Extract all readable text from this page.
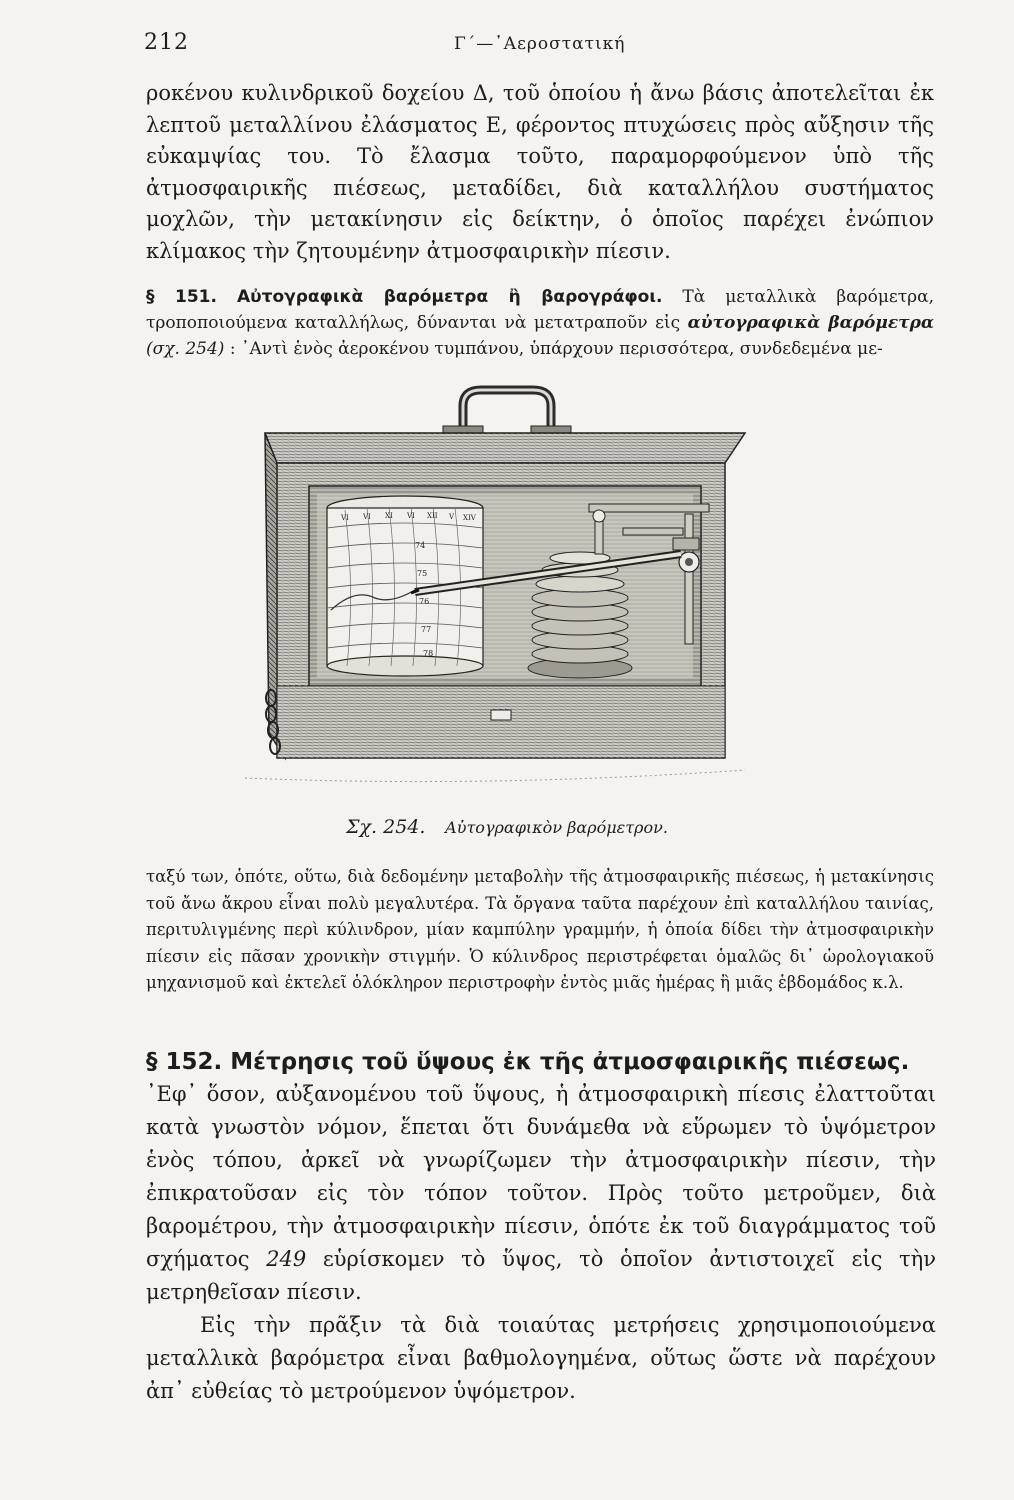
212	Γ΄—᾿Αεροστατική

ροκένου κυλινδρικοῦ δοχείου Δ, τοῦ ὁποίου ἡ ἄνω βάσις ἀποτελεῖται ἐκ λεπτοῦ μεταλλίνου ἐλάσματος Ε, φέροντος πτυχώσεις πρὸς αὔξησιν τῆς εὐκαμψίας του. Τὸ ἔλασμα τοῦτο, παραμορφούμενον ὑπὸ τῆς ἀτμοσφαιρικῆς πιέσεως, μεταδίδει, διὰ καταλλήλου συστήματος μοχλῶν, τὴν μετακίνησιν εἰς δείκτην, ὁ ὁποῖος παρέχει ἐνώπιον κλίμακος τὴν ζητουμένην ἀτμοσφαιρικὴν πίεσιν.

§ 151. Αὐτογραφικὰ βαρόμετρα ἢ βαρογράφοι. Τὰ μεταλλικὰ βαρόμετρα, τροποποιούμενα καταλλήλως, δύνανται νὰ μετατραποῦν εἰς αὐτογραφικὰ βαρόμετρα (σχ. 254) : ᾿Αντὶ ἑνὸς ἀεροκένου τυμπάνου, ὑπάρχουν περισσότερα, συνδεδεμένα με-

VI VI XI VI XII V XIV
74
75
76
77
78
Σχ. 254. Αὐτογραφικὸν βαρόμετρον.

ταξύ των, ὁπότε, οὕτω, διὰ δεδομένην μεταβολὴν τῆς ἀτμοσφαιρικῆς πιέσεως, ἡ μετακίνησις τοῦ ἄνω ἄκρου εἶναι πολὺ μεγαλυτέρα. Τὰ ὄργανα ταῦτα παρέχουν ἐπὶ καταλλήλου ταινίας, περιτυλιγμένης περὶ κύλινδρον, μίαν καμπύλην γραμμήν, ἡ ὁποία δίδει τὴν ἀτμοσφαιρικὴν πίεσιν εἰς πᾶσαν χρονικὴν στιγμήν. Ὁ κύλινδρος περιστρέφεται ὁμαλῶς δι᾿ ὡρολογιακοῦ μηχανισμοῦ καὶ ἐκτελεῖ ὁλόκληρον περιστροφὴν ἐντὸς μιᾶς ἡμέρας ἢ μιᾶς ἑβδομάδος κ.λ.

§ 152. Μέτρησις τοῦ ὕψους ἐκ τῆς ἀτμοσφαιρικῆς πιέσεως.

᾿Εφ᾿ ὅσον, αὐξανομένου τοῦ ὕψους, ἡ ἀτμοσφαιρικὴ πίεσις ἐλαττοῦται κατὰ γνωστὸν νόμον, ἕπεται ὅτι δυνάμεθα νὰ εὕρωμεν τὸ ὑψόμετρον ἑνὸς τόπου, ἀρκεῖ νὰ γνωρίζωμεν τὴν ἀτμοσφαιρικὴν πίεσιν, τὴν ἐπικρατοῦσαν εἰς τὸν τόπον τοῦτον. Πρὸς τοῦτο μετροῦμεν, διὰ βαρομέτρου, τὴν ἀτμοσφαιρικὴν πίεσιν, ὁπότε ἐκ τοῦ διαγράμματος τοῦ σχήματος 249 εὑρίσκομεν τὸ ὕψος, τὸ ὁποῖον ἀντιστοιχεῖ εἰς τὴν μετρηθεῖσαν πίεσιν.

Εἰς τὴν πρᾶξιν τὰ διὰ τοιαύτας μετρήσεις χρησιμοποιούμενα μεταλλικὰ βαρόμετρα εἶναι βαθμολογημένα, οὕτως ὥστε νὰ παρέχουν ἀπ᾿ εὐθείας τὸ μετρούμενον ὑψόμετρον.
